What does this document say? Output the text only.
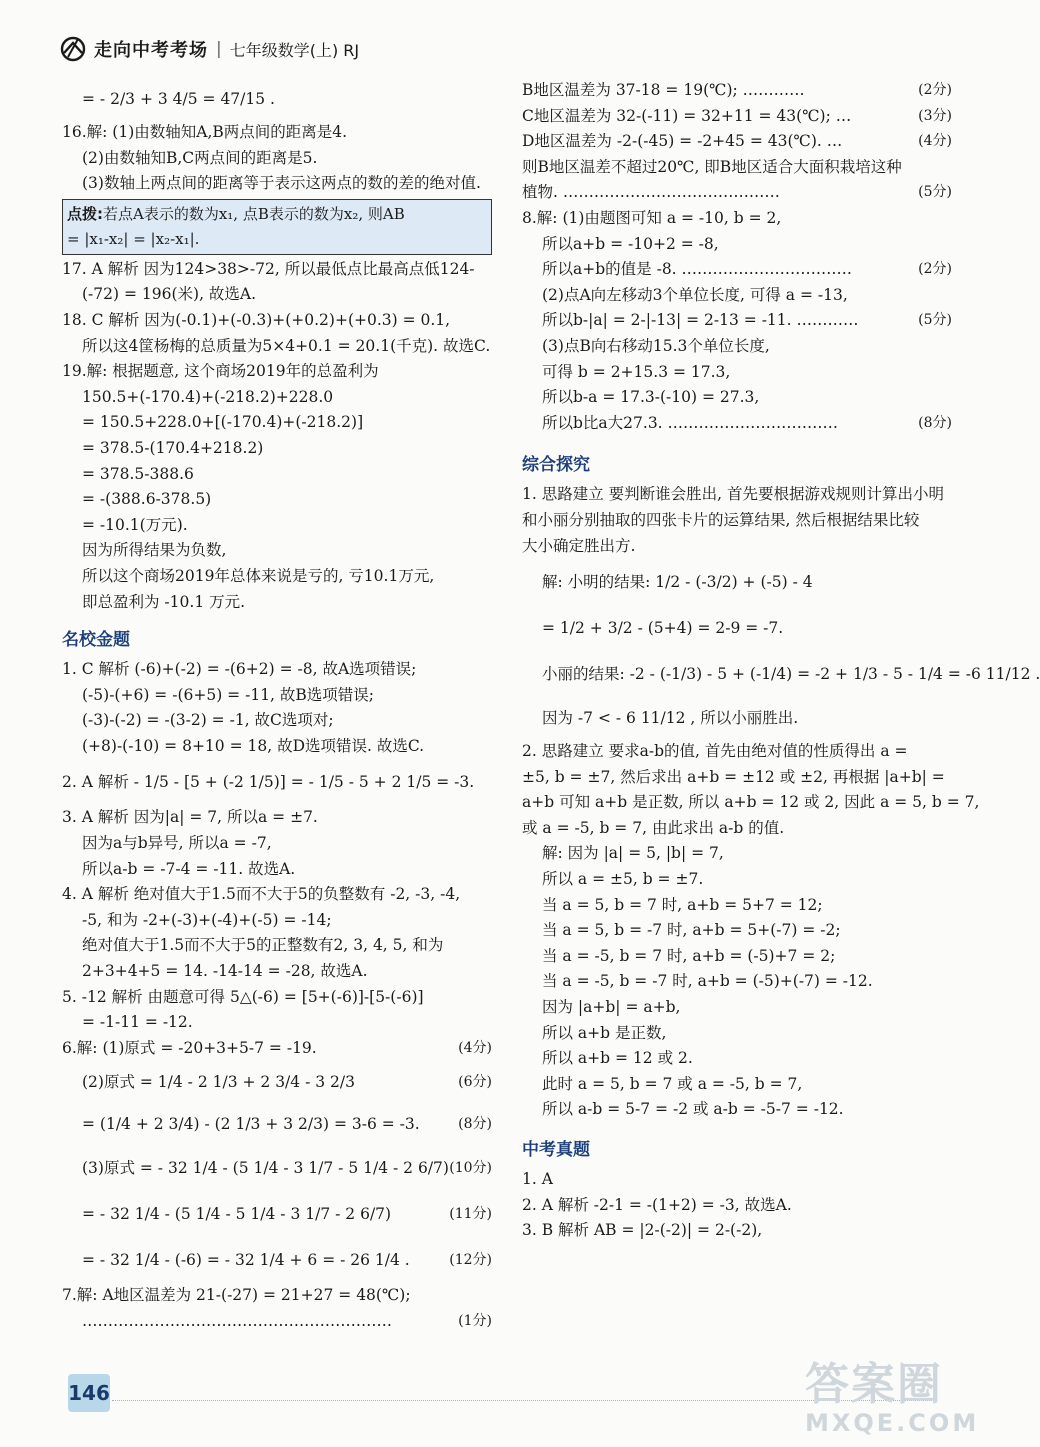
走向中考考场 | 七年级数学(上) RJ
= - 2/3 + 3 4/5 = 47/15 .
16.解: (1)由数轴知A,B两点间的距离是4.
(2)由数轴知B,C两点间的距离是5.
(3)数轴上两点间的距离等于表示这两点的数的差的绝对值.
点拨:若点A表示的数为x₁, 点B表示的数为x₂, 则AB
= |x₁-x₂| = |x₂-x₁|.
17. A 解析 因为124>38>-72, 所以最低点比最高点低124-
(-72) = 196(米), 故选A.
18. C 解析 因为(-0.1)+(-0.3)+(+0.2)+(+0.3) = 0.1,
所以这4筐杨梅的总质量为5×4+0.1 = 20.1(千克). 故选C.
19.解: 根据题意, 这个商场2019年的总盈利为
150.5+(-170.4)+(-218.2)+228.0
= 150.5+228.0+[(-170.4)+(-218.2)]
= 378.5-(170.4+218.2)
= 378.5-388.6
= -(388.6-378.5)
= -10.1(万元).
因为所得结果为负数,
所以这个商场2019年总体来说是亏的, 亏10.1万元,
即总盈利为 -10.1 万元.
名校金题
1. C 解析 (-6)+(-2) = -(6+2) = -8, 故A选项错误;
(-5)-(+6) = -(6+5) = -11, 故B选项错误;
(-3)-(-2) = -(3-2) = -1, 故C选项对;
(+8)-(-10) = 8+10 = 18, 故D选项错误. 故选C.
2. A 解析 - 1/5 - [5 + (-2 1/5)] = - 1/5 - 5 + 2 1/5 = -3.
3. A 解析 因为|a| = 7, 所以a = ±7.
因为a与b异号, 所以a = -7,
所以a-b = -7-4 = -11. 故选A.
4. A 解析 绝对值大于1.5而不大于5的负整数有 -2, -3, -4,
-5, 和为 -2+(-3)+(-4)+(-5) = -14;
绝对值大于1.5而不大于5的正整数有2, 3, 4, 5, 和为
2+3+4+5 = 14. -14-14 = -28, 故选A.
5. -12 解析 由题意可得 5△(-6) = [5+(-6)]-[5-(-6)]
= -1-11 = -12.
6.解: (1)原式 = -20+3+5-7 = -19.	(4分)
(2)原式 = 1/4 - 2 1/3 + 2 3/4 - 3 2/3	(6分)
= (1/4 + 2 3/4) - (2 1/3 + 3 2/3) = 3-6 = -3.	(8分)
(3)原式 = - 32 1/4 - (5 1/4 - 3 1/7 - 5 1/4 - 2 6/7) (10分)
= - 32 1/4 - (5 1/4 - 5 1/4 - 3 1/7 - 2 6/7)	(11分)
= - 32 1/4 - (-6) = - 32 1/4 + 6 = - 26 1/4 .	(12分)
7.解: A地区温差为 21-(-27) = 21+27 = 48(℃);
……………………………………………………	(1分)
B地区温差为 37-18 = 19(℃); …………	(2分)
C地区温差为 32-(-11) = 32+11 = 43(℃); …	(3分)
D地区温差为 -2-(-45) = -2+45 = 43(℃). …	(4分)
则B地区温差不超过20℃, 即B地区适合大面积栽培这种
植物. ……………………………………	(5分)
8.解: (1)由题图可知 a = -10, b = 2,
所以a+b = -10+2 = -8,
所以a+b的值是 -8. ……………………………	(2分)
(2)点A向左移动3个单位长度, 可得 a = -13,
所以b-|a| = 2-|-13| = 2-13 = -11. …………	(5分)
(3)点B向右移动15.3个单位长度,
可得 b = 2+15.3 = 17.3,
所以b-a = 17.3-(-10) = 27.3,
所以b比a大27.3. ……………………………	(8分)
综合探究
1. 思路建立 要判断谁会胜出, 首先要根据游戏规则计算出小明
和小丽分别抽取的四张卡片的运算结果, 然后根据结果比较
大小确定胜出方.
解: 小明的结果: 1/2 - (-3/2) + (-5) - 4
= 1/2 + 3/2 - (5+4) = 2-9 = -7.
小丽的结果: -2 - (-1/3) - 5 + (-1/4) = -2 + 1/3 - 5 - 1/4 = -6 11/12 .
因为 -7 < - 6 11/12 , 所以小丽胜出.
2. 思路建立 要求a-b的值, 首先由绝对值的性质得出 a =
±5, b = ±7, 然后求出 a+b = ±12 或 ±2, 再根据 |a+b| =
a+b 可知 a+b 是正数, 所以 a+b = 12 或 2, 因此 a = 5, b = 7,
或 a = -5, b = 7, 由此求出 a-b 的值.
解: 因为 |a| = 5, |b| = 7,
所以 a = ±5, b = ±7.
当 a = 5, b = 7 时, a+b = 5+7 = 12;
当 a = 5, b = -7 时, a+b = 5+(-7) = -2;
当 a = -5, b = 7 时, a+b = (-5)+7 = 2;
当 a = -5, b = -7 时, a+b = (-5)+(-7) = -12.
因为 |a+b| = a+b,
所以 a+b 是正数,
所以 a+b = 12 或 2.
此时 a = 5, b = 7 或 a = -5, b = 7,
所以 a-b = 5-7 = -2 或 a-b = -5-7 = -12.
中考真题
1. A
2. A 解析 -2-1 = -(1+2) = -3, 故选A.
3. B 解析 AB = |2-(-2)| = 2-(-2),
146	答案圈
MXQE.COM
